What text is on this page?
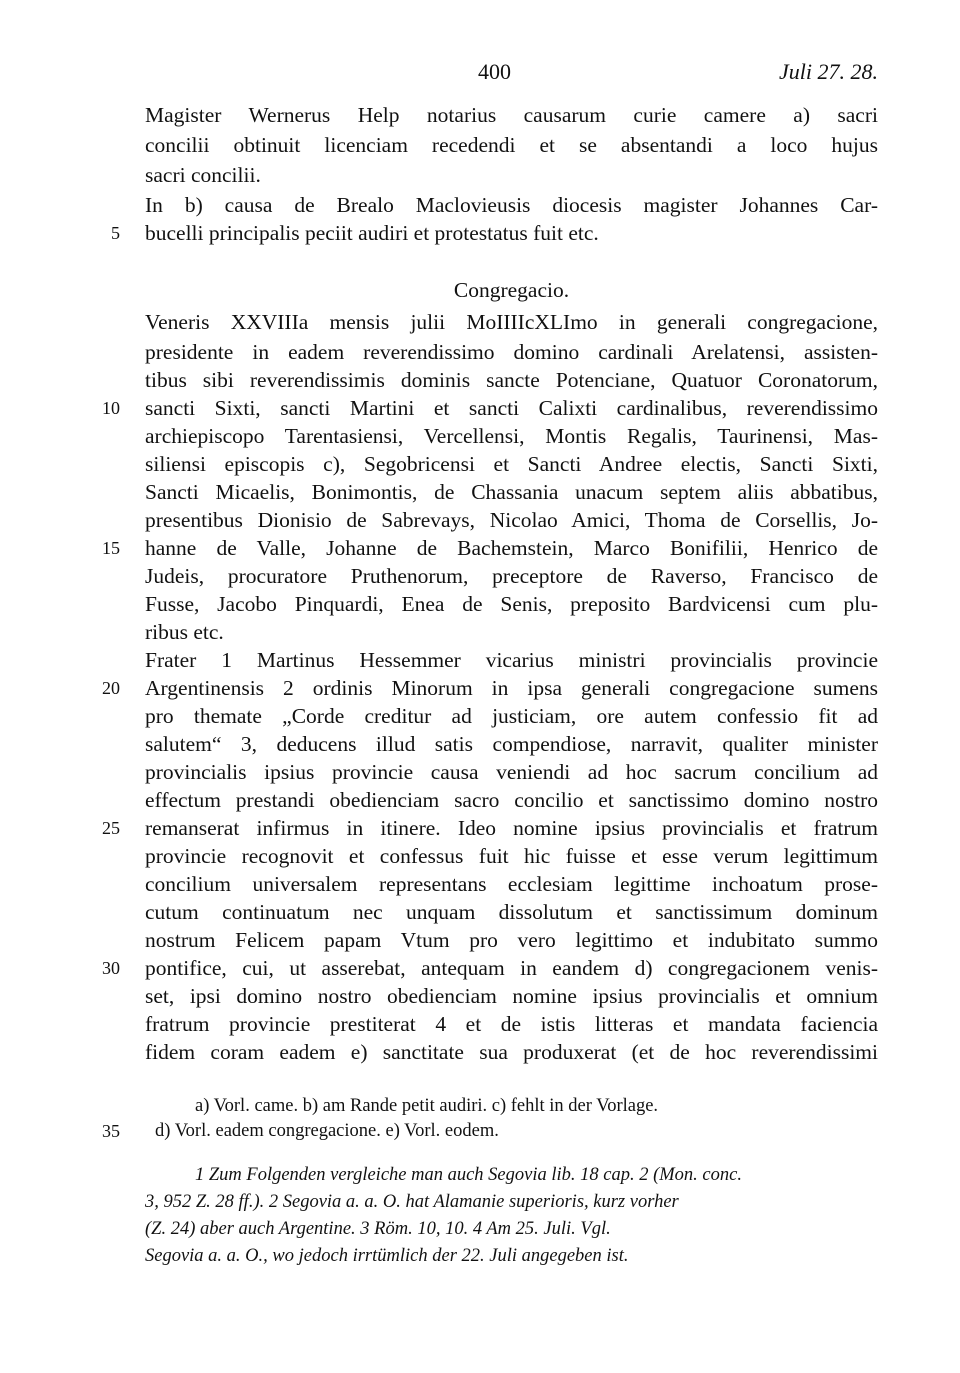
400	Juli 27. 28.
Magister Wernerus Help notarius causarum curie camere a) sacri
concilii obtinuit licenciam recedendi et se absentandi a loco hujus
sacri concilii.
In b) causa de Brealo Maclovieusis diocesis magister Johannes Car-
bucelli principalis peciit audiri et protestatus fuit etc.
5
Congregacio.
Veneris XXVIIIa mensis julii MoIIIIcXLImo in generali congregacione,
presidente in eadem reverendissimo domino cardinali Arelatensi, assisten-
tibus sibi reverendissimis dominis sancte Potenciane, Quatuor Coronatorum,
sancti Sixti, sancti Martini et sancti Calixti cardinalibus, reverendissimo
10
archiepiscopo Tarentasiensi, Vercellensi, Montis Regalis, Taurinensi, Mas-
siliensi episcopis c), Segobricensi et Sancti Andree electis, Sancti Sixti,
Sancti Micaelis, Bonimontis, de Chassania unacum septem aliis abbatibus,
presentibus Dionisio de Sabrevays, Nicolao Amici, Thoma de Corsellis, Jo-
hanne de Valle, Johanne de Bachemstein, Marco Bonifilii, Henrico de
15
Judeis, procuratore Pruthenorum, preceptore de Raverso, Francisco de
Fusse, Jacobo Pinquardi, Enea de Senis, preposito Bardvicensi cum plu-
ribus etc.
Frater 1 Martinus Hessemmer vicarius ministri provincialis provincie
Argentinensis 2 ordinis Minorum in ipsa generali congregacione sumens
20
pro themate „Corde creditur ad justiciam, ore autem confessio fit ad
salutem“ 3, deducens illud satis compendiose, narravit, qualiter minister
provincialis ipsius provincie causa veniendi ad hoc sacrum concilium ad
effectum prestandi obedienciam sacro concilio et sanctissimo domino nostro
remanserat infirmus in itinere. Ideo nomine ipsius provincialis et fratrum
25
provincie recognovit et confessus fuit hic fuisse et esse verum legittimum
concilium universalem representans ecclesiam legittime inchoatum prose-
cutum continuatum nec unquam dissolutum et sanctissimum dominum
nostrum Felicem papam Vtum pro vero legittimo et indubitato summo
pontifice, cui, ut asserebat, antequam in eandem d) congregacionem venis-
30
set, ipsi domino nostro obedienciam nomine ipsius provincialis et omnium
fratrum provincie prestiterat 4 et de istis litteras et mandata faciencia
fidem coram eadem e) sanctitate sua produxerat (et de hoc reverendissimi
a) Vorl. came. b) am Rande petit audiri. c) fehlt in der Vorlage.
d) Vorl. eadem congregacione. e) Vorl. eodem.
35
1 Zum Folgenden vergleiche man auch Segovia lib. 18 cap. 2 (Mon. conc.
3, 952 Z. 28 ff.). 2 Segovia a. a. O. hat Alamanie superioris, kurz vorher
(Z. 24) aber auch Argentine. 3 Röm. 10, 10. 4 Am 25. Juli. Vgl.
Segovia a. a. O., wo jedoch irrtümlich der 22. Juli angegeben ist.
